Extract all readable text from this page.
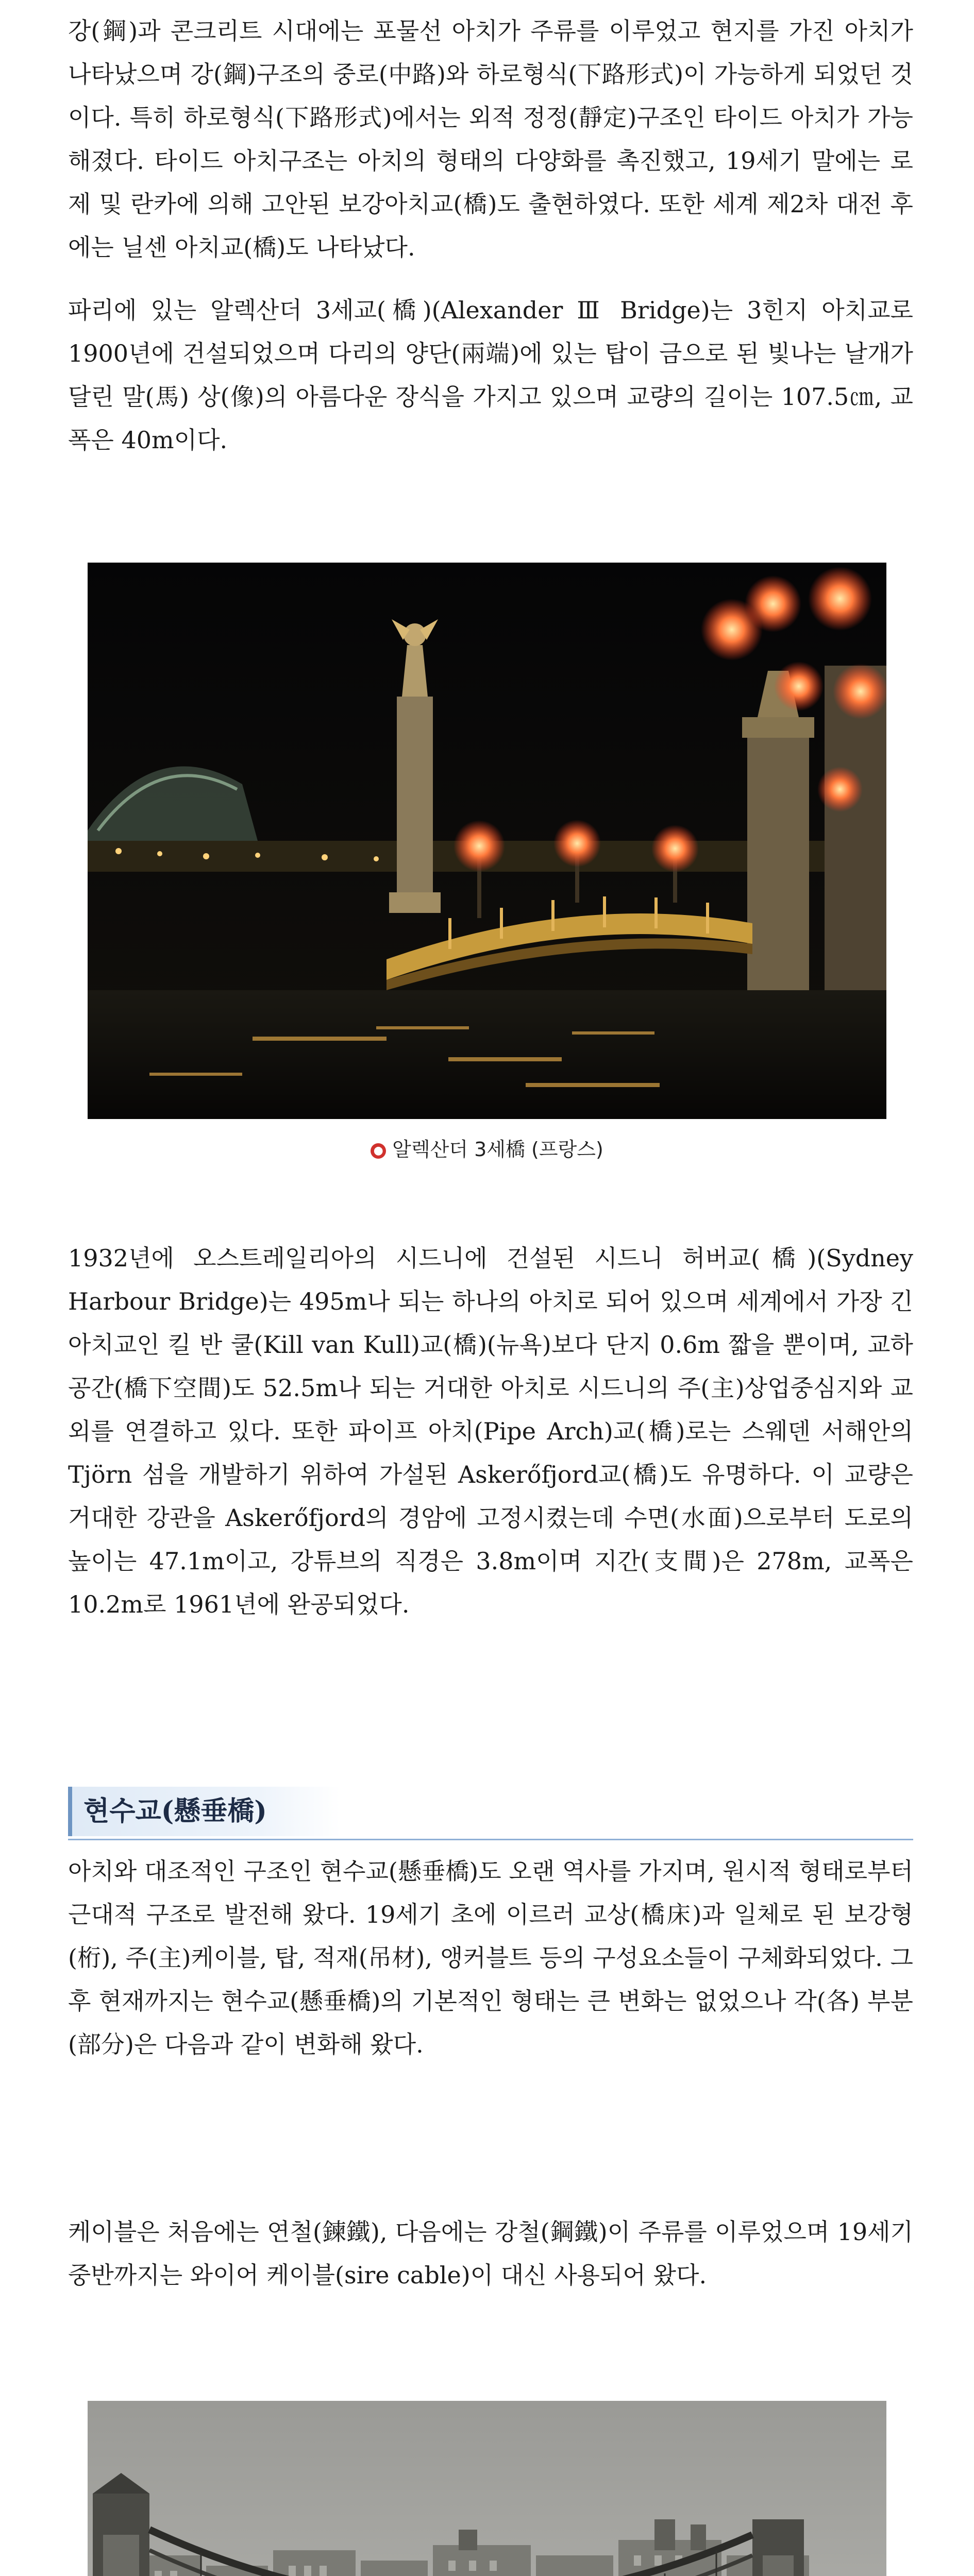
강(鋼)과 콘크리트 시대에는 포물선 아치가 주류를 이루었고 현지를 가진 아치가 나타났으며 강(鋼)구조의 중로(中路)와 하로형식(下路形式)이 가능하게 되었던 것이다. 특히 하로형식(下路形式)에서는 외적 정정(靜定)구조인 타이드 아치가 가능해졌다. 타이드 아치구조는 아치의 형태의 다양화를 촉진했고, 19세기 말에는 로제 및 란카에 의해 고안된 보강아치교(橋)도 출현하였다. 또한 세계 제2차 대전 후에는 닐센 아치교(橋)도 나타났다.
파리에 있는 알렉산더 3세교(橋)(Alexander Ⅲ Bridge)는 3힌지 아치교로 1900년에 건설되었으며 다리의 양단(兩端)에 있는 탑이 금으로 된 빛나는 날개가 달린 말(馬) 상(像)의 아름다운 장식을 가지고 있으며 교량의 길이는 107.5㎝, 교폭은 40m이다.
● 알렉산더 3세橋 (프랑스)
1932년에 오스트레일리아의 시드니에 건설된 시드니 허버교(橋)(Sydney Harbour Bridge)는 495m나 되는 하나의 아치로 되어 있으며 세계에서 가장 긴 아치교인 킬 반 쿨(Kill van Kull)교(橋)(뉴욕)보다 단지 0.6m 짧을 뿐이며, 교하공간(橋下空間)도 52.5m나 되는 거대한 아치로 시드니의 주(主)상업중심지와 교외를 연결하고 있다. 또한 파이프 아치(Pipe Arch)교(橋)로는 스웨덴 서해안의 Tjörn 섬을 개발하기 위하여 가설된 Askerőfjord교(橋)도 유명하다. 이 교량은 거대한 강관을 Askerőfjord의 경암에 고정시켰는데 수면(水面)으로부터 도로의 높이는 47.1m이고, 강튜브의 직경은 3.8m이며 지간(支間)은 278m, 교폭은 10.2m로 1961년에 완공되었다.
현수교(懸垂橋)
아치와 대조적인 구조인 현수교(懸垂橋)도 오랜 역사를 가지며, 원시적 형태로부터 근대적 구조로 발전해 왔다. 19세기 초에 이르러 교상(橋床)과 일체로 된 보강형(桁), 주(主)케이블, 탑, 적재(吊材), 앵커블트 등의 구성요소들이 구체화되었다. 그 후 현재까지는 현수교(懸垂橋)의 기본적인 형태는 큰 변화는 없었으나 각(各) 부분(部分)은 다음과 같이 변화해 왔다.
케이블은 처음에는 연철(鍊鐵), 다음에는 강철(鋼鐵)이 주류를 이루었으며 19세기 중반까지는 와이어 케이블(sire cable)이 대신 사용되어 왔다.
